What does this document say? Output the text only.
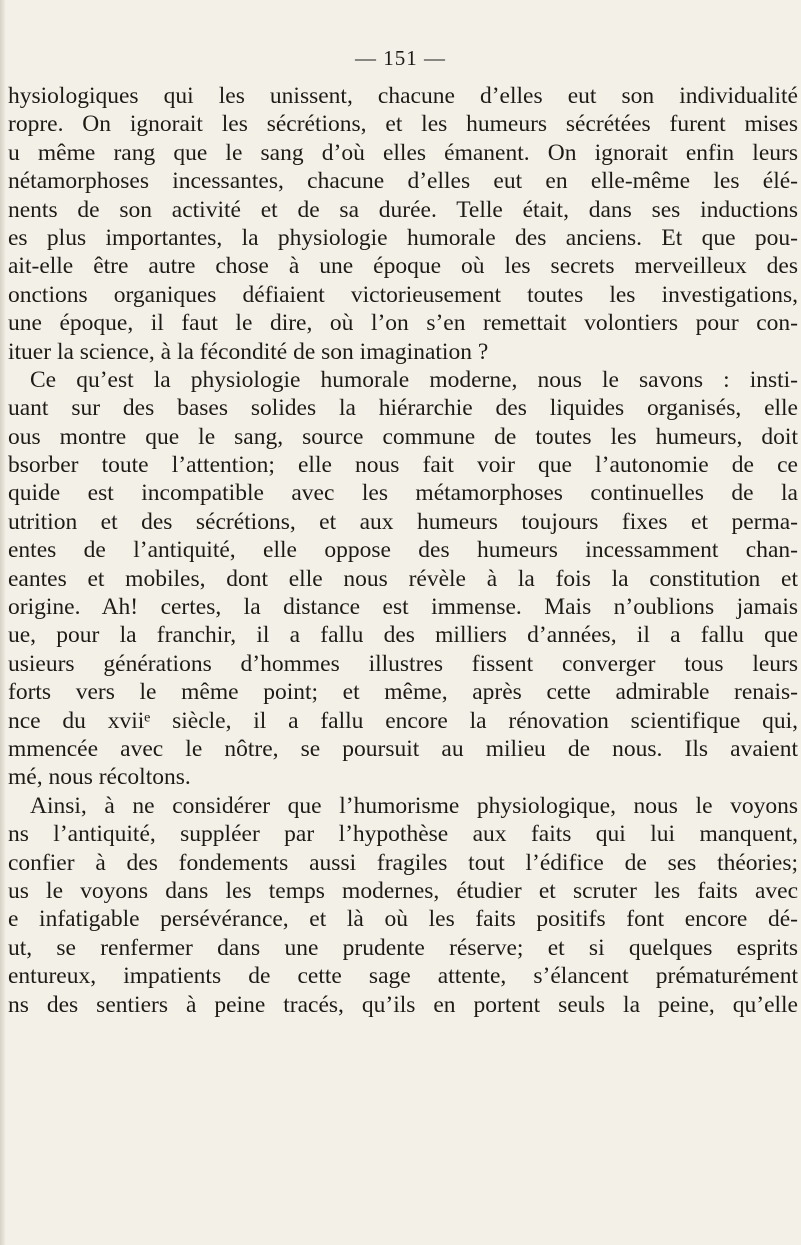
— 151 —
hysiologiques qui les unissent, chacune d’elles eut son individualité
ropre. On ignorait les sécrétions, et les humeurs sécrétées furent mises
u même rang que le sang d’où elles émanent. On ignorait enfin leurs
nétamorphoses incessantes, chacune d’elles eut en elle-même les élé-
nents de son activité et de sa durée. Telle était, dans ses inductions
es plus importantes, la physiologie humorale des anciens. Et que pou-
ait-elle être autre chose à une époque où les secrets merveilleux des
onctions organiques défiaient victorieusement toutes les investigations,
une époque, il faut le dire, où l’on s’en remettait volontiers pour con-
ituer la science, à la fécondité de son imagination ?
Ce qu’est la physiologie humorale moderne, nous le savons : insti-
uant sur des bases solides la hiérarchie des liquides organisés, elle
ous montre que le sang, source commune de toutes les humeurs, doit
bsorber toute l’attention; elle nous fait voir que l’autonomie de ce
quide est incompatible avec les métamorphoses continuelles de la
utrition et des sécrétions, et aux humeurs toujours fixes et perma-
entes de l’antiquité, elle oppose des humeurs incessamment chan-
eantes et mobiles, dont elle nous révèle à la fois la constitution et
origine. Ah! certes, la distance est immense. Mais n’oublions jamais
ue, pour la franchir, il a fallu des milliers d’années, il a fallu que
usieurs générations d’hommes illustres fissent converger tous leurs
forts vers le même point; et même, après cette admirable renais-
nce du xviiᵉ siècle, il a fallu encore la rénovation scientifique qui,
mmencée avec le nôtre, se poursuit au milieu de nous. Ils avaient
mé, nous récoltons.
Ainsi, à ne considérer que l’humorisme physiologique, nous le voyons
ns l’antiquité, suppléer par l’hypothèse aux faits qui lui manquent,
confier à des fondements aussi fragiles tout l’édifice de ses théories;
us le voyons dans les temps modernes, étudier et scruter les faits avec
e infatigable persévérance, et là où les faits positifs font encore dé-
ut, se renfermer dans une prudente réserve; et si quelques esprits
entureux, impatients de cette sage attente, s’élancent prématurément
ns des sentiers à peine tracés, qu’ils en portent seuls la peine, qu’elle
